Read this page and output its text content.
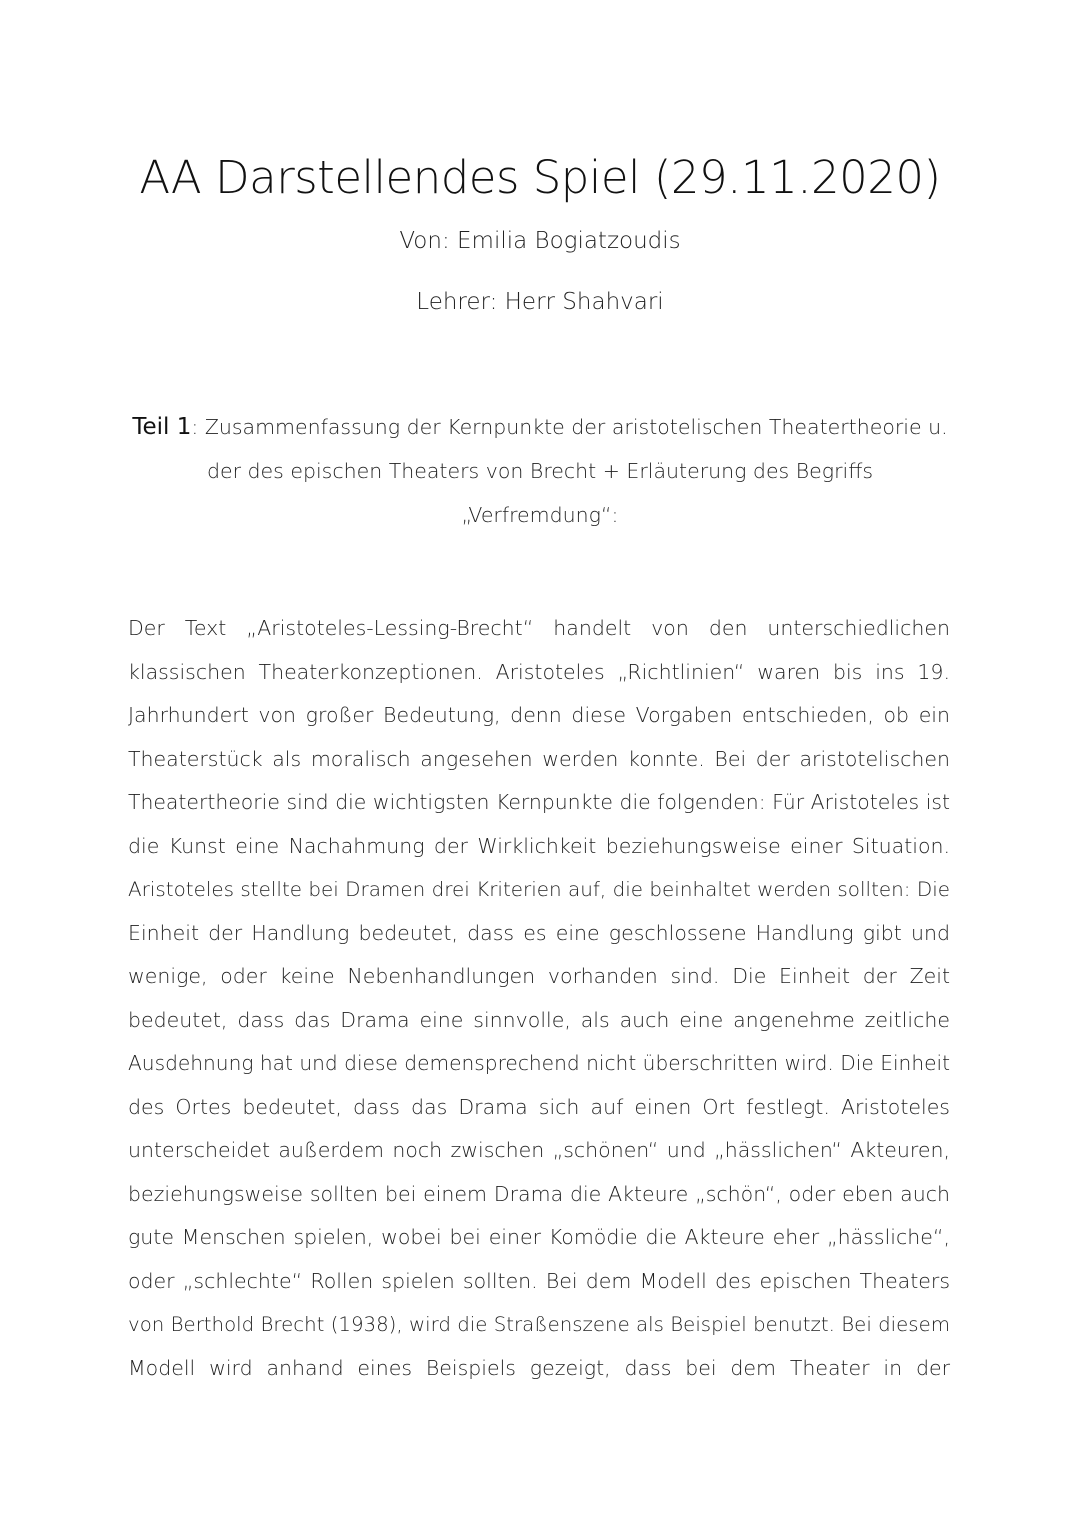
AA Darstellendes Spiel (29.11.2020)
Von: Emilia Bogiatzoudis
Lehrer: Herr Shahvari
Teil 1: Zusammenfassung der Kernpunkte der aristotelischen Theatertheorie u.
der des epischen Theaters von Brecht + Erläuterung des Begriffs
„Verfremdung“:
Der Text „Aristoteles-Lessing-Brecht“ handelt von den unterschiedlichen
klassischen Theaterkonzeptionen. Aristoteles „Richtlinien“ waren bis ins 19.
Jahrhundert von großer Bedeutung, denn diese Vorgaben entschieden, ob ein
Theaterstück als moralisch angesehen werden konnte. Bei der aristotelischen
Theatertheorie sind die wichtigsten Kernpunkte die folgenden: Für Aristoteles ist
die Kunst eine Nachahmung der Wirklichkeit beziehungsweise einer Situation.
Aristoteles stellte bei Dramen drei Kriterien auf, die beinhaltet werden sollten: Die
Einheit der Handlung bedeutet, dass es eine geschlossene Handlung gibt und
wenige, oder keine Nebenhandlungen vorhanden sind. Die Einheit der Zeit
bedeutet, dass das Drama eine sinnvolle, als auch eine angenehme zeitliche
Ausdehnung hat und diese demensprechend nicht überschritten wird. Die Einheit
des Ortes bedeutet, dass das Drama sich auf einen Ort festlegt. Aristoteles
unterscheidet außerdem noch zwischen „schönen“ und „hässlichen“ Akteuren,
beziehungsweise sollten bei einem Drama die Akteure „schön“, oder eben auch
gute Menschen spielen, wobei bei einer Komödie die Akteure eher „hässliche“,
oder „schlechte“ Rollen spielen sollten. Bei dem Modell des epischen Theaters
von Berthold Brecht (1938), wird die Straßenszene als Beispiel benutzt. Bei diesem
Modell wird anhand eines Beispiels gezeigt, dass bei dem Theater in der
